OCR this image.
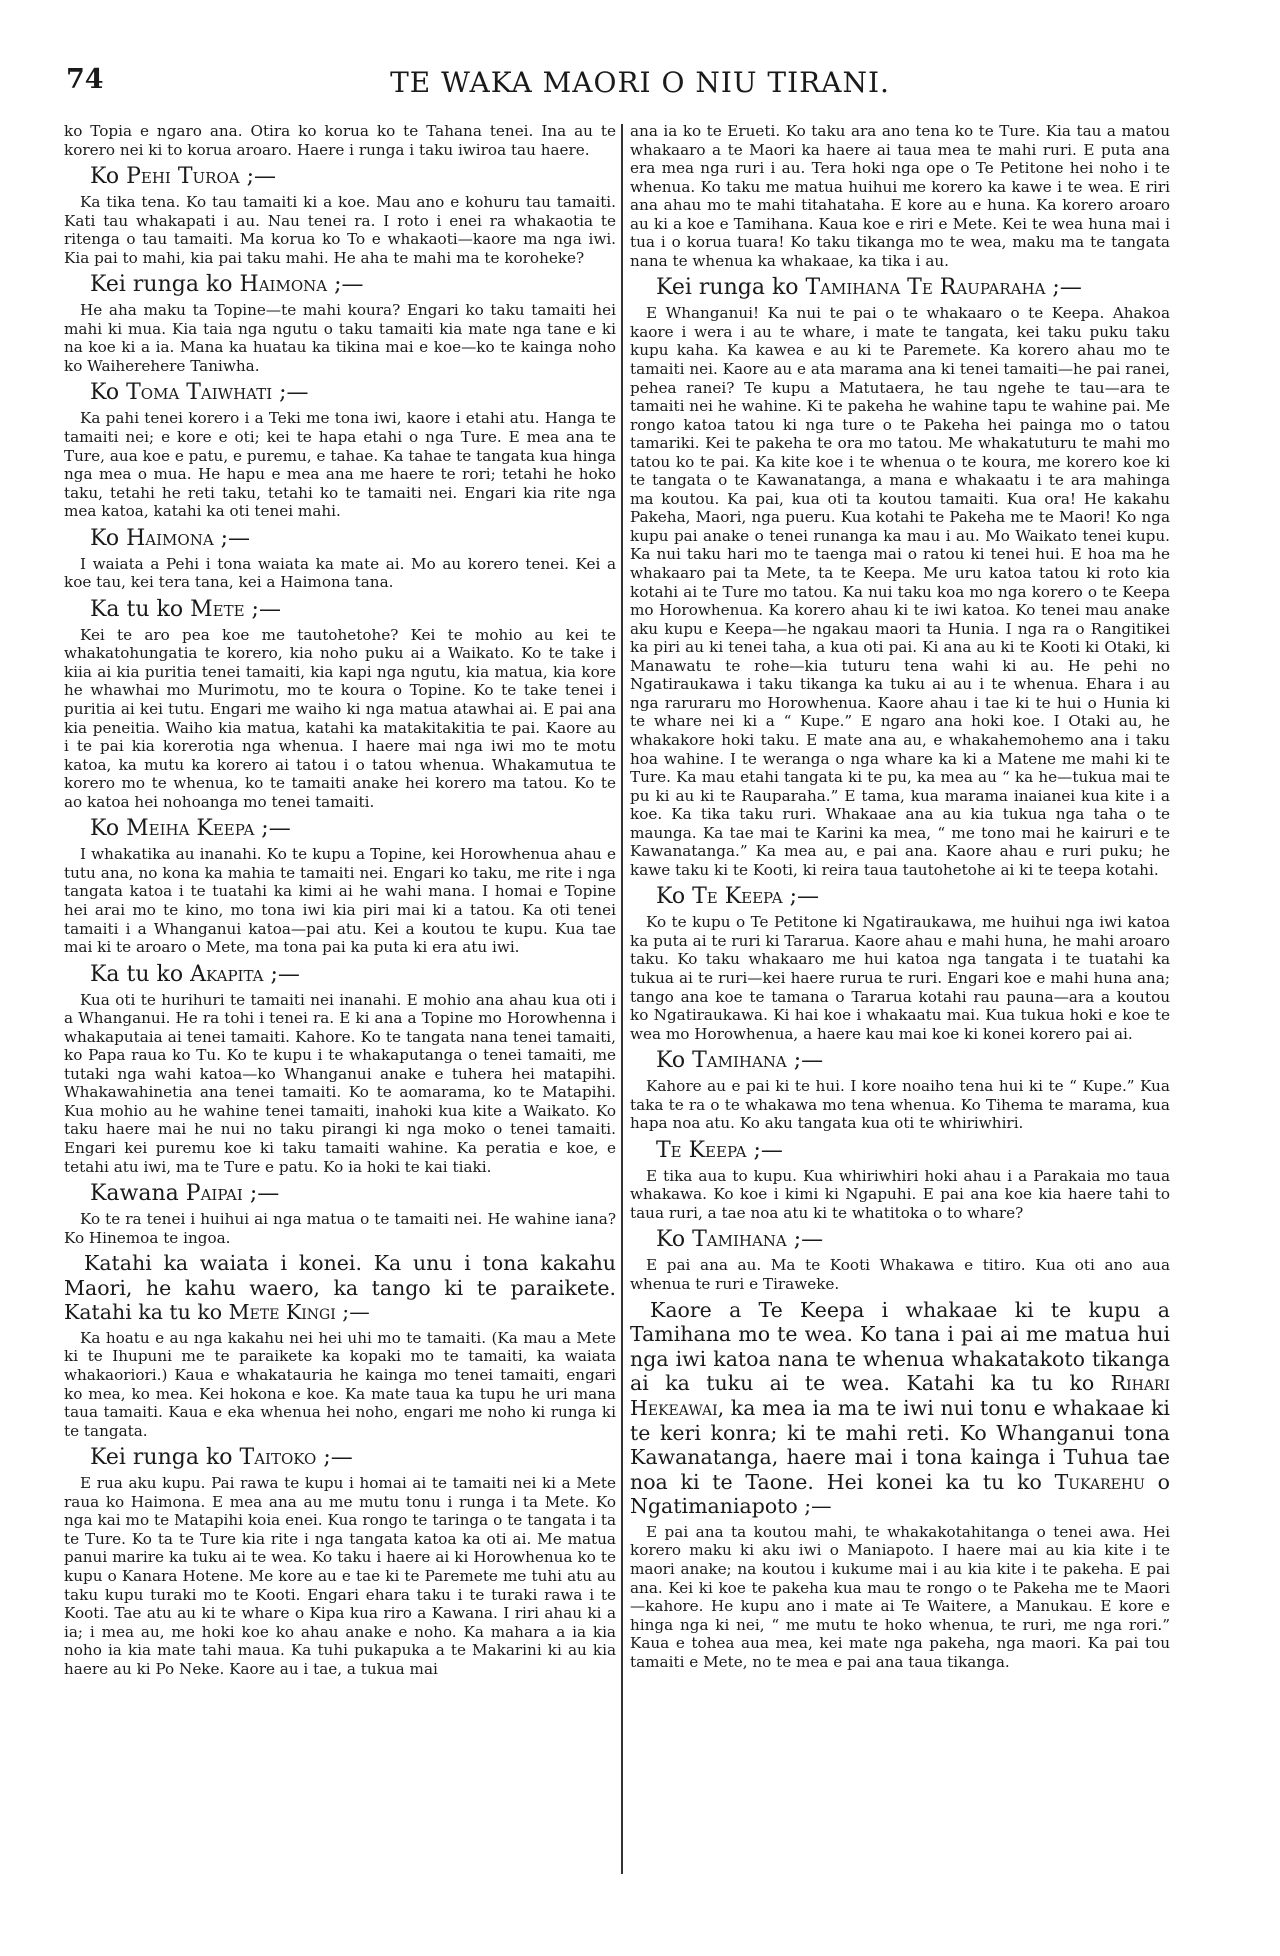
74	TE WAKA MAORI O NIU TIRANI.

ko Topia e ngaro ana. Otira ko korua ko te Tahana tenei. Ina au te korero nei ki to korua aroaro. Haere i runga i taku iwiroa tau haere.

Ko Pehi Turoa ;—

Ka tika tena. Ko tau tamaiti ki a koe. Mau ano e kohuru tau tamaiti. Kati tau whakapati i au. Nau tenei ra. I roto i enei ra whakaotia te ritenga o tau tamaiti. Ma korua ko To e whakaoti—kaore ma nga iwi. Kia pai to mahi, kia pai taku mahi. He aha te mahi ma te koroheke?

Kei runga ko Haimona ;—

He aha maku ta Topine—te mahi koura? Engari ko taku tamaiti hei mahi ki mua. Kia taia nga ngutu o taku tamaiti kia mate nga tane e ki na koe ki a ia. Mana ka huatau ka tikina mai e koe—ko te kainga noho ko Waiherehere Taniwha.

Ko Toma Taiwhati ;—

Ka pahi tenei korero i a Teki me tona iwi, kaore i etahi atu. Hanga te tamaiti nei; e kore e oti; kei te hapa etahi o nga Ture. E mea ana te Ture, aua koe e patu, e puremu, e tahae. Ka tahae te tangata kua hinga nga mea o mua. He hapu e mea ana me haere te rori; tetahi he hoko taku, tetahi he reti taku, tetahi ko te tamaiti nei. Engari kia rite nga mea katoa, katahi ka oti tenei mahi.

Ko Haimona ;—

I waiata a Pehi i tona waiata ka mate ai. Mo au korero tenei. Kei a koe tau, kei tera tana, kei a Haimona tana.

Ka tu ko Mete ;—

Kei te aro pea koe me tautohetohe? Kei te mohio au kei te whakatohungatia te korero, kia noho puku ai a Waikato. Ko te take i kiia ai kia puritia tenei tamaiti, kia kapi nga ngutu, kia matua, kia kore he whawhai mo Murimotu, mo te koura o Topine. Ko te take tenei i puritia ai kei tutu. Engari me waiho ki nga matua atawhai ai. E pai ana kia peneitia. Waiho kia matua, katahi ka matakitakitia te pai. Kaore au i te pai kia korerotia nga whenua. I haere mai nga iwi mo te motu katoa, ka mutu ka korero ai tatou i o tatou whenua. Whakamutua te korero mo te whenua, ko te tamaiti anake hei korero ma tatou. Ko te ao katoa hei nohoanga mo tenei tamaiti.

Ko Meiha Keepa ;—

I whakatika au inanahi. Ko te kupu a Topine, kei Horowhenua ahau e tutu ana, no kona ka mahia te tamaiti nei. Engari ko taku, me rite i nga tangata katoa i te tuatahi ka kimi ai he wahi mana. I homai e Topine hei arai mo te kino, mo tona iwi kia piri mai ki a tatou. Ka oti tenei tamaiti i a Whanganui katoa—pai atu. Kei a koutou te kupu. Kua tae mai ki te aroaro o Mete, ma tona pai ka puta ki era atu iwi.

Ka tu ko Akapita ;—

Kua oti te hurihuri te tamaiti nei inanahi. E mohio ana ahau kua oti i a Whanganui. He ra tohi i tenei ra. E ki ana a Topine mo Horowhenna i whakaputaia ai tenei tamaiti. Kahore. Ko te tangata nana tenei tamaiti, ko Papa raua ko Tu. Ko te kupu i te whakaputanga o tenei tamaiti, me tutaki nga wahi katoa—ko Whanganui anake e tuhera hei matapihi. Whakawahinetia ana tenei tamaiti. Ko te aomarama, ko te Matapihi. Kua mohio au he wahine tenei tamaiti, inahoki kua kite a Waikato. Ko taku haere mai he nui no taku pirangi ki nga moko o tenei tamaiti. Engari kei puremu koe ki taku tamaiti wahine. Ka peratia e koe, e tetahi atu iwi, ma te Ture e patu. Ko ia hoki te kai tiaki.

Kawana Paipai ;—

Ko te ra tenei i huihui ai nga matua o te tamaiti nei. He wahine iana? Ko Hinemoa te ingoa.

Katahi ka waiata i konei. Ka unu i tona kakahu Maori, he kahu waero, ka tango ki te paraikete. Katahi ka tu ko Mete Kingi ;—

Ka hoatu e au nga kakahu nei hei uhi mo te tamaiti. (Ka mau a Mete ki te Ihupuni me te paraikete ka kopaki mo te tamaiti, ka waiata whakaoriori.) Kaua e whakatauria he kainga mo tenei tamaiti, engari ko mea, ko mea. Kei hokona e koe. Ka mate taua ka tupu he uri mana taua tamaiti. Kaua e eka whenua hei noho, engari me noho ki runga ki te tangata.

Kei runga ko Taitoko ;—

E rua aku kupu. Pai rawa te kupu i homai ai te tamaiti nei ki a Mete raua ko Haimona. E mea ana au me mutu tonu i runga i ta Mete. Ko nga kai mo te Matapihi koia enei. Kua rongo te taringa o te tangata i ta te Ture. Ko ta te Ture kia rite i nga tangata katoa ka oti ai. Me matua panui marire ka tuku ai te wea. Ko taku i haere ai ki Horowhenua ko te kupu o Kanara Hotene. Me kore au e tae ki te Paremete me tuhi atu au taku kupu turaki mo te Kooti. Engari ehara taku i te turaki rawa i te Kooti. Tae atu au ki te whare o Kipa kua riro a Kawana. I riri ahau ki a ia; i mea au, me hoki koe ko ahau anake e noho. Ka mahara a ia kia noho ia kia mate tahi maua. Ka tuhi pukapuka a te Makarini ki au kia haere au ki Po Neke. Kaore au i tae, a tukua mai

ana ia ko te Erueti. Ko taku ara ano tena ko te Ture. Kia tau a matou whakaaro a te Maori ka haere ai taua mea te mahi ruri. E puta ana era mea nga ruri i au. Tera hoki nga ope o Te Petitone hei noho i te whenua. Ko taku me matua huihui me korero ka kawe i te wea. E riri ana ahau mo te mahi titahataha. E kore au e huna. Ka korero aroaro au ki a koe e Tamihana. Kaua koe e riri e Mete. Kei te wea huna mai i tua i o korua tuara! Ko taku tikanga mo te wea, maku ma te tangata nana te whenua ka whakaae, ka tika i au.

Kei runga ko Tamihana Te Rauparaha ;—

E Whanganui! Ka nui te pai o te whakaaro o te Keepa. Ahakoa kaore i wera i au te whare, i mate te tangata, kei taku puku taku kupu kaha. Ka kawea e au ki te Paremete. Ka korero ahau mo te tamaiti nei. Kaore au e ata marama ana ki tenei tamaiti—he pai ranei, pehea ranei? Te kupu a Matutaera, he tau ngehe te tau—ara te tamaiti nei he wahine. Ki te pakeha he wahine tapu te wahine pai. Me rongo katoa tatou ki nga ture o te Pakeha hei painga mo o tatou tamariki. Kei te pakeha te ora mo tatou. Me whakatuturu te mahi mo tatou ko te pai. Ka kite koe i te whenua o te koura, me korero koe ki te tangata o te Kawanatanga, a mana e whakaatu i te ara mahinga ma koutou. Ka pai, kua oti ta koutou tamaiti. Kua ora! He kakahu Pakeha, Maori, nga pueru. Kua kotahi te Pakeha me te Maori! Ko nga kupu pai anake o tenei runanga ka mau i au. Mo Waikato tenei kupu. Ka nui taku hari mo te taenga mai o ratou ki tenei hui. E hoa ma he whakaaro pai ta Mete, ta te Keepa. Me uru katoa tatou ki roto kia kotahi ai te Ture mo tatou. Ka nui taku koa mo nga korero o te Keepa mo Horowhenua. Ka korero ahau ki te iwi katoa. Ko tenei mau anake aku kupu e Keepa—he ngakau maori ta Hunia. I nga ra o Rangitikei ka piri au ki tenei taha, a kua oti pai. Ki ana au ki te Kooti ki Otaki, ki Manawatu te rohe—kia tuturu tena wahi ki au. He pehi no Ngatiraukawa i taku tikanga ka tuku ai au i te whenua. Ehara i au nga raruraru mo Horowhenua. Kaore ahau i tae ki te hui o Hunia ki te whare nei ki a “ Kupe.” E ngaro ana hoki koe. I Otaki au, he whakakore hoki taku. E mate ana au, e whakahemohemo ana i taku hoa wahine. I te weranga o nga whare ka ki a Matene me mahi ki te Ture. Ka mau etahi tangata ki te pu, ka mea au “ ka he—tukua mai te pu ki au ki te Rauparaha.” E tama, kua marama inaianei kua kite i a koe. Ka tika taku ruri. Whakaae ana au kia tukua nga taha o te maunga. Ka tae mai te Karini ka mea, “ me tono mai he kairuri e te Kawanatanga.” Ka mea au, e pai ana. Kaore ahau e ruri puku; he kawe taku ki te Kooti, ki reira taua tautohetohe ai ki te teepa kotahi.

Ko Te Keepa ;—

Ko te kupu o Te Petitone ki Ngatiraukawa, me huihui nga iwi katoa ka puta ai te ruri ki Tararua. Kaore ahau e mahi huna, he mahi aroaro taku. Ko taku whakaaro me hui katoa nga tangata i te tuatahi ka tukua ai te ruri—kei haere rurua te ruri. Engari koe e mahi huna ana; tango ana koe te tamana o Tararua kotahi rau pauna—ara a koutou ko Ngatiraukawa. Ki hai koe i whakaatu mai. Kua tukua hoki e koe te wea mo Horowhenua, a haere kau mai koe ki konei korero pai ai.

Ko Tamihana ;—

Kahore au e pai ki te hui. I kore noaiho tena hui ki te “ Kupe.” Kua taka te ra o te whakawa mo tena whenua. Ko Tihema te marama, kua hapa noa atu. Ko aku tangata kua oti te whiriwhiri.

Te Keepa ;—

E tika aua to kupu. Kua whiriwhiri hoki ahau i a Parakaia mo taua whakawa. Ko koe i kimi ki Ngapuhi. E pai ana koe kia haere tahi to taua ruri, a tae noa atu ki te whatitoka o to whare?

Ko Tamihana ;—

E pai ana au. Ma te Kooti Whakawa e titiro. Kua oti ano aua whenua te ruri e Tiraweke.

Kaore a Te Keepa i whakaae ki te kupu a Tamihana mo te wea. Ko tana i pai ai me matua hui nga iwi katoa nana te whenua whakatakoto tikanga ai ka tuku ai te wea. Katahi ka tu ko Rihari Hekeawai, ka mea ia ma te iwi nui tonu e whakaae ki te keri konra; ki te mahi reti. Ko Whanganui tona Kawanatanga, haere mai i tona kainga i Tuhua tae noa ki te Taone. Hei konei ka tu ko Tukarehu o Ngatimaniapoto ;—

E pai ana ta koutou mahi, te whakakotahitanga o tenei awa. Hei korero maku ki aku iwi o Maniapoto. I haere mai au kia kite i te maori anake; na koutou i kukume mai i au kia kite i te pakeha. E pai ana. Kei ki koe te pakeha kua mau te rongo o te Pakeha me te Maori—kahore. He kupu ano i mate ai Te Waitere, a Manukau. E kore e hinga nga ki nei, “ me mutu te hoko whenua, te ruri, me nga rori.” Kaua e tohea aua mea, kei mate nga pakeha, nga maori. Ka pai tou tamaiti e Mete, no te mea e pai ana taua tikanga.
